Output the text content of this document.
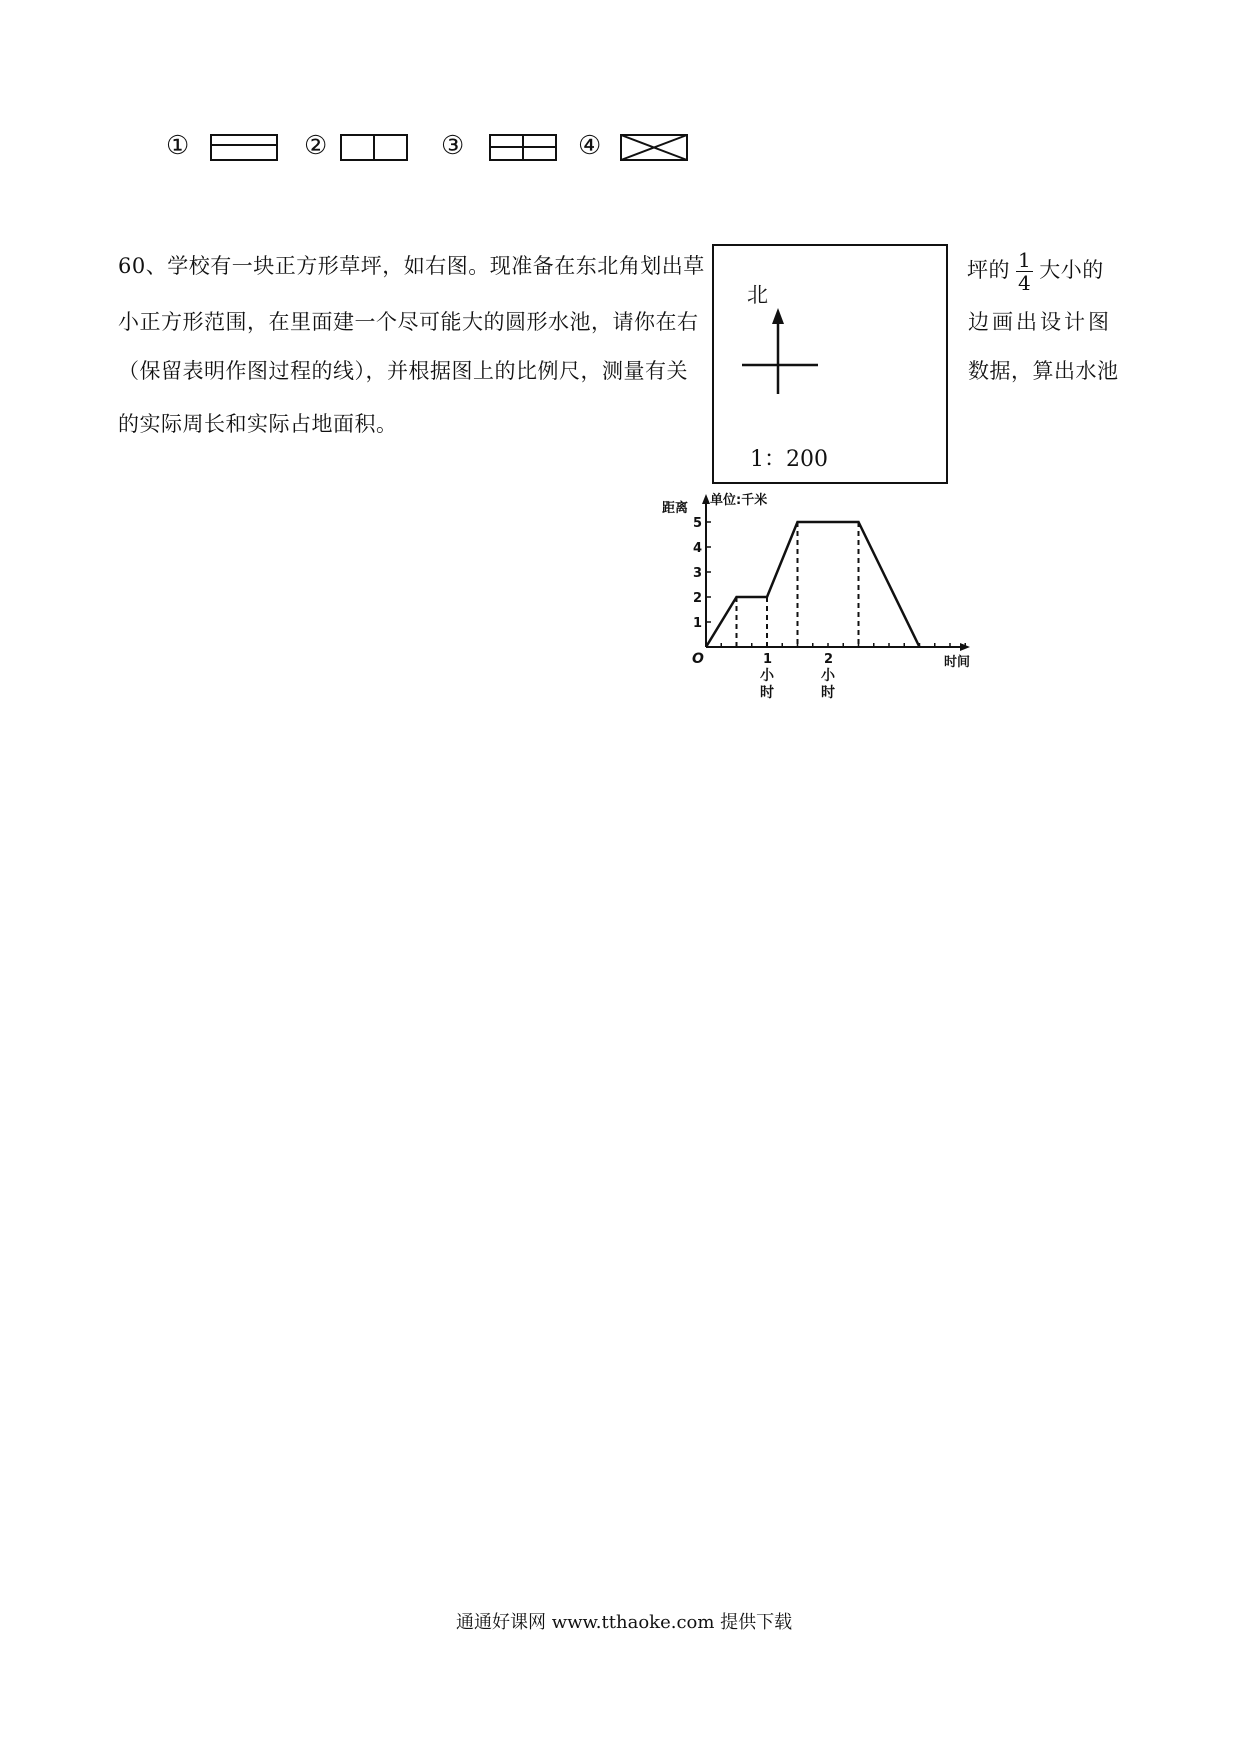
①	②	③	④
60、学校有一块正方形草坪，如右图。现准备在东北角划出草	坪的 $\frac{1}{4}$ 大小的
小正方形范围，在里面建一个尽可能大的圆形水池，请你在右	边画出设计图
（保留表明作图过程的线），并根据图上的比例尺，测量有关	数据，算出水池
的实际周长和实际占地面积。
北
1：200
1
2
3
4
5
1
小
时
2
小
时
O
距离
单位:千米
时间
通通好课网 www.tthaoke.com 提供下载
